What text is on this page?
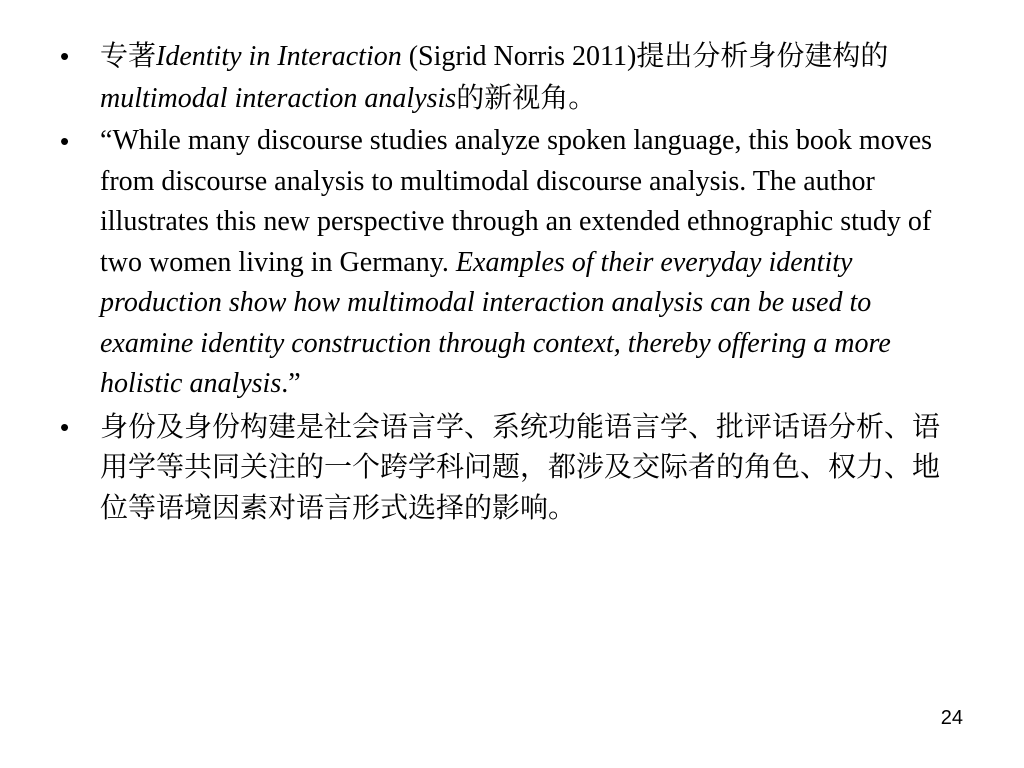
•	专著Identity in Interaction (Sigrid Norris 2011)提出分析身份建构的multimodal interaction analysis的新视角。
•	“While many discourse studies analyze spoken language, this book moves from discourse analysis to multimodal discourse analysis. The author illustrates this new perspective through an extended ethnographic study of two women living in Germany. Examples of their everyday identity production show how multimodal interaction analysis can be used to examine identity construction through context, thereby offering a more holistic analysis.”
•	身份及身份构建是社会语言学、系统功能语言学、批评话语分析、语用学等共同关注的一个跨学科问题，都涉及交际者的角色、权力、地位等语境因素对语言形式选择的影响。
24
